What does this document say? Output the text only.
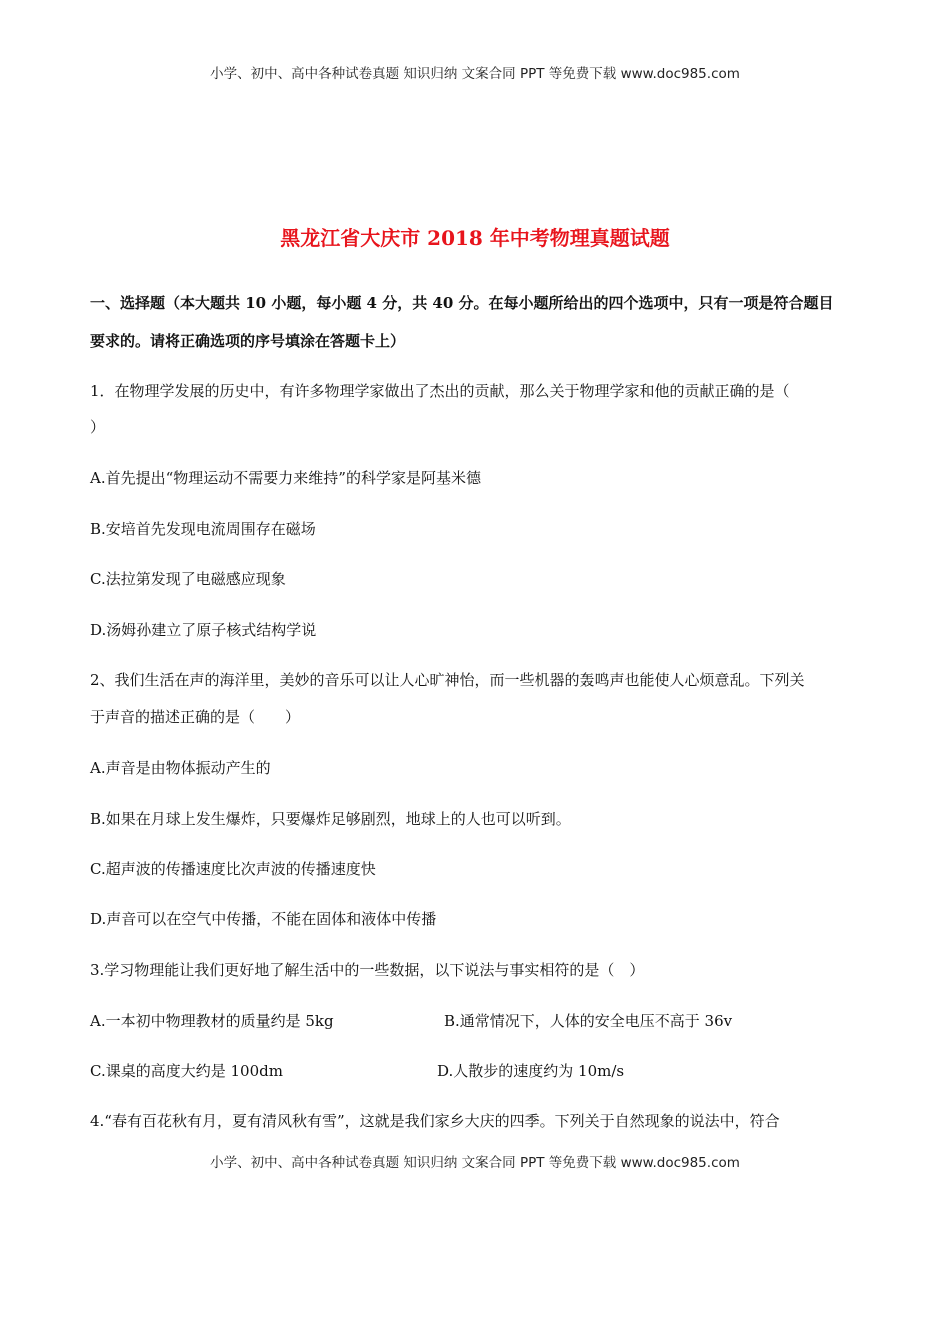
小学、初中、高中各种试卷真题 知识归纳 文案合同 PPT 等免费下载 www.doc985.com
黑龙江省大庆市 2018 年中考物理真题试题
一、选择题（本大题共 10 小题，每小题 4 分，共 40 分。在每小题所给出的四个选项中，只有一项是符合题目
要求的。请将正确选项的序号填涂在答题卡上）
1．在物理学发展的历史中，有许多物理学家做出了杰出的贡献，那么关于物理学家和他的贡献正确的是（
）
A.首先提出“物理运动不需要力来维持”的科学家是阿基米德
B.安培首先发现电流周围存在磁场
C.法拉第发现了电磁感应现象
D.汤姆孙建立了原子核式结构学说
2、我们生活在声的海洋里，美妙的音乐可以让人心旷神怡，而一些机器的轰鸣声也能使人心烦意乱。下列关
于声音的描述正确的是（　　）
A.声音是由物体振动产生的
B.如果在月球上发生爆炸，只要爆炸足够剧烈，地球上的人也可以听到。
C.超声波的传播速度比次声波的传播速度快
D.声音可以在空气中传播，不能在固体和液体中传播
3.学习物理能让我们更好地了解生活中的一些数据，以下说法与事实相符的是（　）
A.一本初中物理教材的质量约是 5kg	B.通常情况下，人体的安全电压不高于 36v
C.课桌的高度大约是 100dm	D.人散步的速度约为 10m/s
4.“春有百花秋有月，夏有清风秋有雪”，这就是我们家乡大庆的四季。下列关于自然现象的说法中，符合
小学、初中、高中各种试卷真题 知识归纳 文案合同 PPT 等免费下载 www.doc985.com
